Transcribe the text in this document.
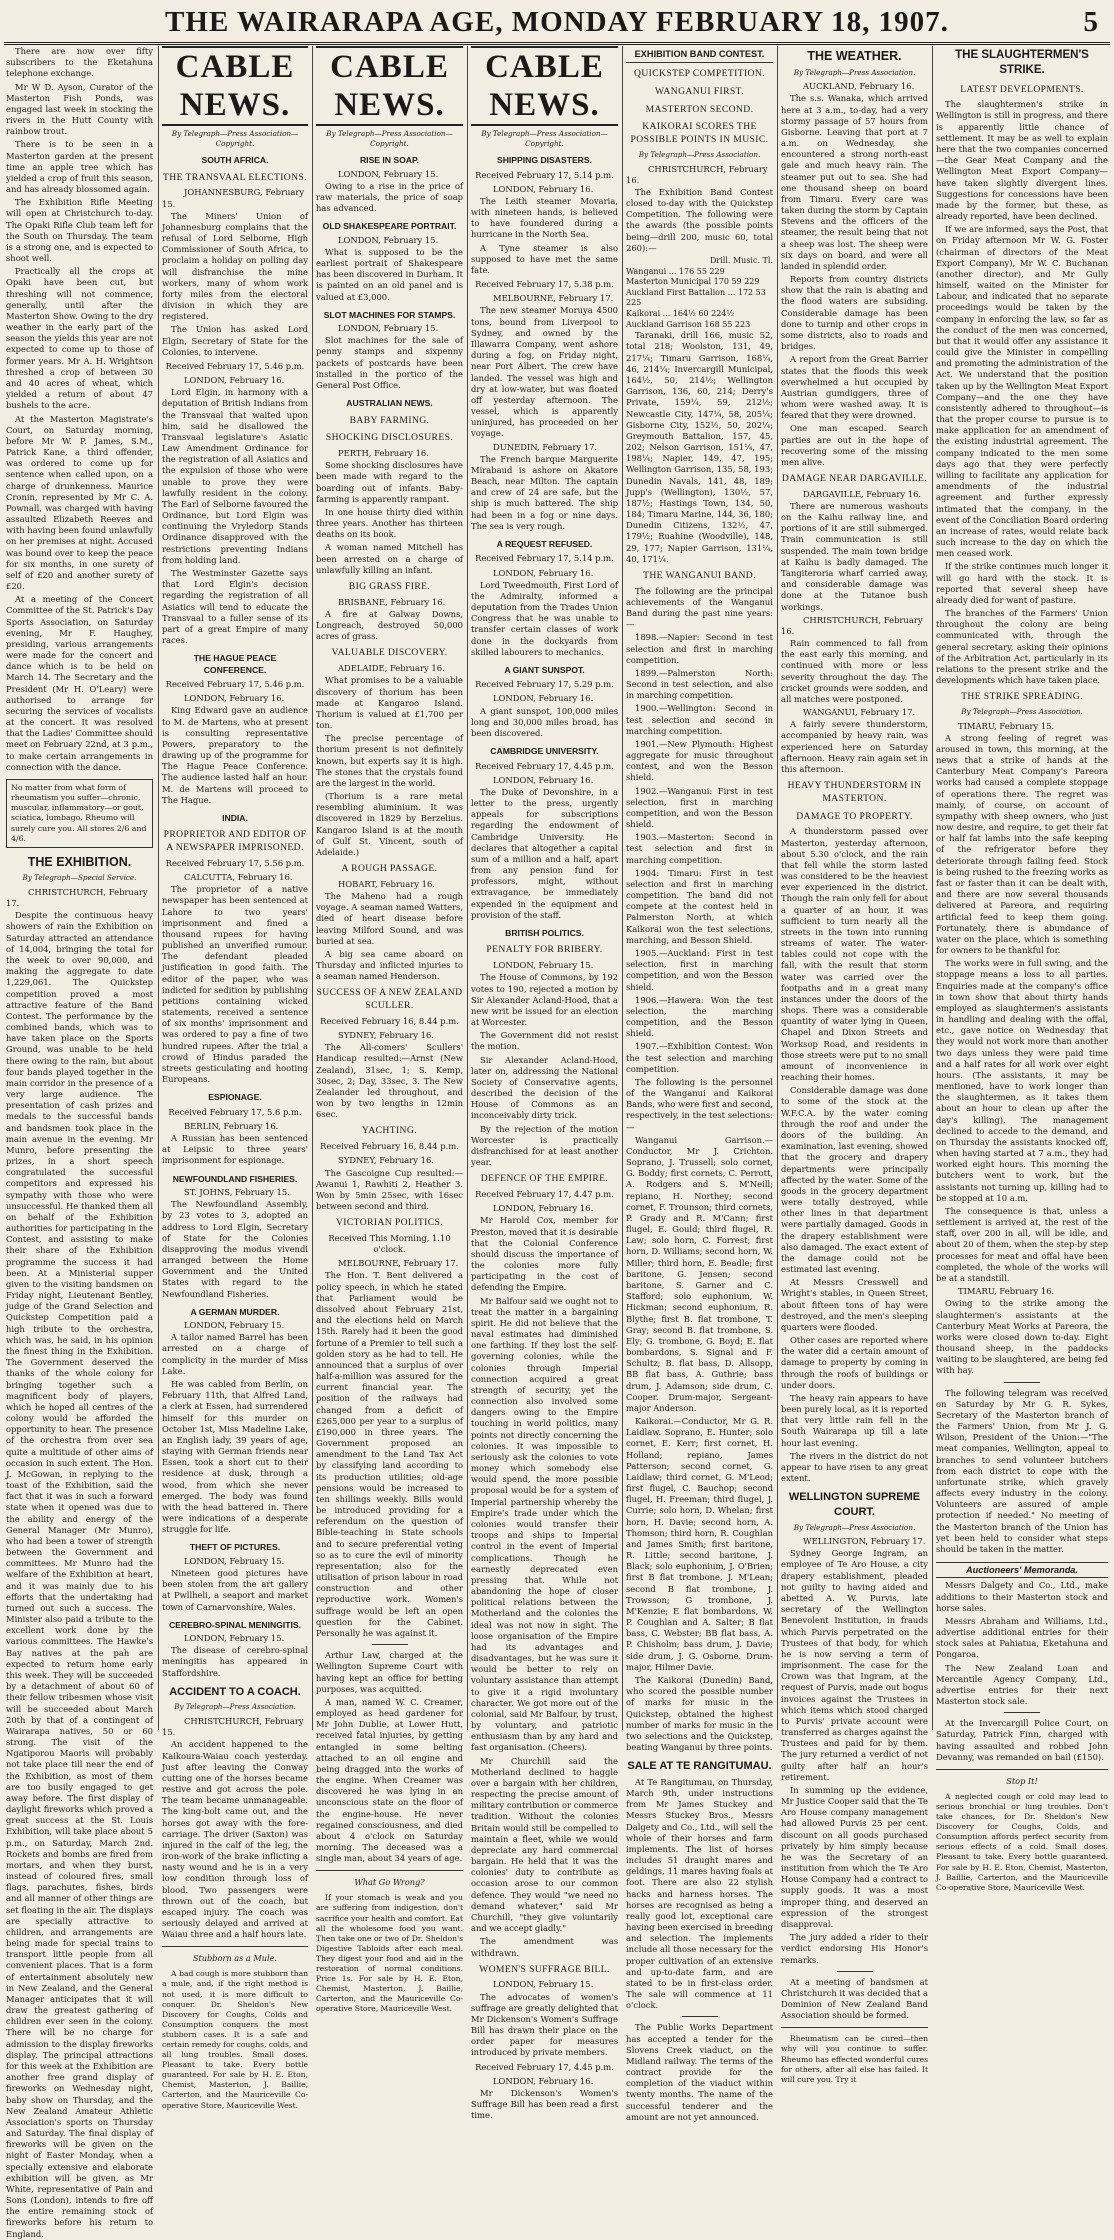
THE WAIRARAPA AGE, MONDAY FEBRUARY 18, 1907.	5

There are now over fifty subscribers to the Eketahuna telephone exchange.

Mr W D. Ayson, Curator of the Masterton Fish Ponds, was engaged last week in stocking the rivers in the Hutt County with rainbow trout.

There is to be seen in a Masterton garden at the present time an apple tree which has yielded a crop of fruit this season, and has already blossomed again.

The Exhibition Rifle Meeting will open at Christchurch to-day. The Opaki Rifle Club team left for the South on Thursday. The team is a strong one, and is expected to shoot well.

Practically all the crops at Opaki have been cut, but threshing will not commence, generally, until after the Masterton Show. Owing to the dry weather in the early part of the season the yields this year are not expected to come up to those of former years. Mr A. H. Wrightson threshed a crop of between 30 and 40 acres of wheat, which yielded a return of about 47 bushels to the acre.

At the Masterton Magistrate's Court, on Saturday morning, before Mr W. P. James, S.M., Patrick Kane, a third offender, was ordered to come up for sentence when called upon, on a charge of drunkenness. Maurice Cronin, represented by Mr C. A. Pownall, was charged with having assaulted Elizabeth Reeves and with having been found unlawfully on her premises at night. Accused was bound over to keep the peace for six months, in one surety of self of £20 and another surety of £20.

At a meeting of the Concert Committee of the St. Patrick's Day Sports Association, on Saturday evening, Mr F. Haughey, presiding, various arrangements were made for the concert and dance which is to be held on March 14. The Secretary and the President (Mr H. O'Leary) were authorised to arrange for securing the services of vocalists at the concert. It was resolved that the Ladies' Committee should meet on February 22nd, at 3 p.m., to make certain arrangements in connection with the dance.

No matter from what form of rheumatism you suffer—chronic, muscular, inflammatory—or gout, sciatica, lumbago, Rheumo will surely cure you. All stores 2/6 and 4/6.
THE EXHIBITION.
By Telegraph—Special Service.
CHRISTCHURCH, February 17.

Despite the continuous heavy showers of rain the Exhibition on Saturday attracted an attendance of 14,004, bringing the total for the week to over 90,000, and making the aggregate to date 1,229,061. The Quickstep competition proved a most attractive feature of the Band Contest. The performance by the combined bands, which was to have taken place on the Sports Ground, was unable to be held there owing to the rain, but about four bands played together in the main corridor in the presence of a very large audience. The presentation of cash prizes and medals to the successful bands and bandsmen took place in the main avenue in the evening. Mr Munro, before presenting the prizes, in a short speech congratulated the successful competitors and expressed his sympathy with those who were unsuccessful. He thanked them all on behalf of the Exhibition authorities for participating in the Contest, and assisting to make their share of the Exhibition programme the success it had been. At a Ministerial supper given to the visiting bandsmen on Friday night, Lieutenant Bentley, judge of the Grand Selection and Quickstep Competition paid a high tribute to the orchestra, which was, he said, in his opinion the finest thing in the Exhibition. The Government deserved the thanks of the whole colony for bringing together such a magnificent body of players, which he hoped all centres of the colony would be afforded the opportunity to hear. The presence of the orchestra from over sea quite a multitude of other aims of occasion in such extent. The Hon. J. McGowan, in replying to the toast of the Exhibition, said the fact that it was in such a forward state when it opened was due to the ability and energy of the General Manager (Mr Munro), who had been a tower of strength between the Government and committees. Mr Munro had the welfare of the Exhibition at heart, and it was mainly due to his efforts that the undertaking had turned out such a success. The Minister also paid a tribute to the excellent work done by the various committees. The Hawke's Bay natives at the pah are expected to return home early this week. They will be succeeded by a detachment of about 60 of their fellow tribesmen whose visit will be succeeded about March 20th by that of a contingent of Wairarapa natives, 50 or 60 strong. The visit of the Ngatiporou Maoris will probably not take place till near the end of the Exhibition, as most of them are too busily engaged to get away before. The first display of daylight fireworks which proved a great success at the St. Louis Exhibition, will take place about 5 p.m., on Saturday, March 2nd. Rockets and bombs are fired from mortars, and when they burst, instead of coloured fires, small flags, parachutes, fishes, birds and all manner of other things are set floating in the air. The displays are specially attractive to children, and arrangements are being made for special trains to transport little people from all convenient places. That is a form of entertainment absolutely new in New Zealand, and the General Manager anticipates that it will draw the greatest gathering of children ever seen in the colony. There will be no charge for admission to the display fireworks display. The principal attractions for this week at the Exhibition are another free grand display of fireworks on Wednesday night, baby show on Thursday, and the New Zealand Amateur Athletic Association's sports on Thursday and Saturday. The final display of fireworks will be given on the night of Easter Monday, when a specially extensive and elaborate exhibition will be given, as Mr White, representative of Pain and Sons (London), intends to fire off the entire remaining stock of fireworks before his return to England.

CABLE NEWS.
By Telegraph—Press Association—Copyright.
SOUTH AFRICA.
THE TRANSVAAL ELECTIONS.
JOHANNESBURG, February 15.

The Miners' Union of Johannesburg complains that the refusal of Lord Selborne, High Commissioner of South Africa, to proclaim a holiday on polling day will disfranchise the mine workers, many of whom work forty miles from the electoral division in which they are registered.

The Union has asked Lord Elgin, Secretary of State for the Colonies, to intervene.

Received February 17, 5.46 p.m.
LONDON, February 16.

Lord Elgin, in harmony with a deputation of British Indians from the Transvaal that waited upon him, said he disallowed the Transvaal legislature's Asiatic Law Amendment Ordinance for the registration of all Asiatics and the expulsion of those who were unable to prove they were lawfully resident in the colony. The Earl of Selborne favoured the Ordinance, but Lord Elgin was continuing the Vryledorp Stands Ordinance disapproved with the restrictions preventing Indians from holding land.

The Westminster Gazette says that Lord Elgin's decision regarding the registration of all Asiatics will tend to educate the Transvaal to a fuller sense of its part of a great Empire of many races.

THE HAGUE PEACE CONFERENCE.
Received February 17, 5.46 p.m.
LONDON, February 16.

King Edward gave an audience to M. de Martens, who at present is consulting representative Powers, preparatory to the drawing up of the programme for The Hague Peace Conference. The audience lasted half an hour. M. de Martens will proceed to The Hague.

INDIA.
PROPRIETOR AND EDITOR OF A NEWSPAPER IMPRISONED.
Received February 17, 5.56 p.m.
CALCUTTA, February 16.

The proprietor of a native newspaper has been sentenced at Lahore to two years' imprisonment and fined a thousand rupees for having published an unverified rumour. The defendant pleaded justification in good faith. The editor of the paper, who was indicted for sedition by publishing petitions containing wicked statements, received a sentence of six months' imprisonment and was ordered to pay a fine of two hundred rupees. After the trial a crowd of Hindus paraded the streets gesticulating and hooting Europeans.

ESPIONAGE.
Received February 17, 5.6 p.m.
BERLIN, February 16.

A Russian has been sentenced at Leipsic to three years' imprisonment for espionage.

NEWFOUNDLAND FISHERIES.
ST. JOHNS, February 15.

The Newfoundland Assembly, by 23 votes to 3, adopted an address to Lord Elgin, Secretary of State for the Colonies disapproving the modus vivendi arranged between the Home Government and the United States with regard to the Newfoundland Fisheries.

A GERMAN MURDER.
LONDON, February 15.

A tailor named Barrel has been arrested on a charge of complicity in the murder of Miss Lake.

He was cabled from Berlin, on February 11th, that Alfred Land, a clerk at Essen, had surrendered himself for this murder on October 1st, Miss Madeline Lake, an English lady, 39 years of age, staying with German friends near Essen, took a short cut to their residence at dusk, through a wood, from which she never emerged. The body was found with the head battered in. There were indications of a desperate struggle for life.

THEFT OF PICTURES.
LONDON, February 15.

Nineteen good pictures have been stolen from the art gallery at Pwllheli, a seaport and market town of Carnarvonshire, Wales.

CEREBRO-SPINAL MENINGITIS.
LONDON, February 15.

The disease of cerebro-spinal meningitis has appeared in Staffordshire.

ACCIDENT TO A COACH.
By Telegraph—Press Association.
CHRISTCHURCH, February 15.

An accident happened to the Kaikoura-Waiau coach yesterday. Just after leaving the Conway cutting one of the horses became restive and got across the pole. The team became unmanageable. The king-bolt came out, and the horses got away with the fore-carriage. The driver (Saxton) was injured in the calf of the leg, the iron-work of the brake inflicting a nasty wound and he is in a very low condition through loss of blood. Two passengers were thrown out of the coach, but escaped injury. The coach was seriously delayed and arrived at Waiau three and a half hours late.

Stubborn as a Mule.

A bad cough is more stubborn than a mule, and, if the right method is not used, it is more difficult to conquer. Dr. Sheldon's New Discovery for Coughs, Colds and Consumption conquers the most stubborn cases. It is a safe and certain remedy for coughs, colds, and all lung troubles. Small doses. Pleasant to take. Every bottle guaranteed. For sale by H. E. Eton, Chemist, Masterton, J. Baillie, Carterton, and the Mauriceville Co-operative Store, Mauriceville West.

CABLE NEWS.
By Telegraph—Press Association—Copyright.
RISE IN SOAP.
LONDON, February 15.

Owing to a rise in the price of raw materials, the price of soap has advanced.

OLD SHAKESPEARE PORTRAIT.
LONDON, February 15.

What is supposed to be the earliest portrait of Shakespeare has been discovered in Durham. It is painted on an old panel and is valued at £3,000.

SLOT MACHINES FOR STAMPS.
LONDON, February 15.

Slot machines for the sale of penny stamps and sixpenny packets of postcards have been installed in the portico of the General Post Office.

AUSTRALIAN NEWS.
BABY FARMING.
SHOCKING DISCLOSURES.
PERTH, February 16.

Some shocking disclosures have been made with regard to the boarding out of infants. Baby-farming is apparently rampant.

In one house thirty died within three years. Another has thirteen deaths on its book.

A woman named Mitchell has been arrested on a charge of unlawfully killing an infant.

BIG GRASS FIRE.
BRISBANE, February 16.

A fire at Galway Downs, Longreach, destroyed 50,000 acres of grass.

VALUABLE DISCOVERY.
ADELAIDE, February 16.

What promises to be a valuable discovery of thorium has been made at Kangaroo Island. Thorium is valued at £1,700 per ton.

The precise percentage of thorium present is not definitely known, but experts say it is high. The stones that the crystals found are the largest in the world.

(Thorium is a rare metal resembling aluminium. It was discovered in 1829 by Berzelius. Kangaroo Island is at the mouth of Gulf St. Vincent, south of Adelaide.)

A ROUGH PASSAGE.
HOBART, February 16.

The Maheno had a rough voyage. A seaman named Watters, died of heart disease before leaving Milford Sound, and was buried at sea.

A big sea came aboard on Thursday and inflicted injuries to a seaman named Henderson.

SUCCESS OF A NEW ZEALAND SCULLER.
Received February 16, 8.44 p.m.
SYDNEY, February 16.

The All-comers' Scullers' Handicap resulted:—Arnst (New Zealand), 31sec, 1; S. Kemp, 30sec, 2; Day, 33sec, 3. The New Zealander led throughout, and won by two lengths in 12min 6sec.

YACHTING.
Received February 16, 8.44 p.m.
SYDNEY, February 16.

The Gascoigne Cup resulted:—Awanui 1, Rawhiti 2, Heather 3. Won by 5min 25sec, with 16sec between second and third.

VICTORIAN POLITICS.
Received This Morning, 1.10 o'clock.
MELBOURNE, February 17.

The Hon. T. Bent delivered a policy speech, in which he stated that Parliament would be dissolved about February 21st, and the elections held on March 15th. Rarely had it been the good fortune of a Premier to tell such a golden story as he had to tell. He announced that a surplus of over half-a-million was assured for the current financial year. The position of the railways had changed from a deficit of £265,000 per year to a surplus of £190,000 in three years. The Government proposed an amendment to the Land Tax Act by classifying land according to its production utilities; old-age pensions would be increased to ten shillings weekly. Bills would be introduced providing for a referendum on the question of Bible-teaching in State schools and to secure preferential voting so as to cure the evil of minority representation; also for the utilisation of prison labour in road construction and other reproductive work. Women's suffrage would be left an open question for the Cabinet. Personally he was against it.

Arthur Law, charged at the Wellington Supreme Court with having kept an office for betting purposes, was acquitted.

A man, named W. C. Creamer, employed as head gardener for Mr John Dublie, at Lower Hutt, received fatal injuries, by getting entangled in some belting attached to an oil engine and being dragged into the works of the engine. When Creamer was discovered he was lying in an unconscious state on the floor of the engine-house. He never regained consciousness, and died about 4 o'clock on Saturday morning. The deceased was a single man, about 34 years of age.

What Go Wrong?

If your stomach is weak and you are suffering from indigestion, don't sacrifice your health and comfort. Eat all the wholesome food you want. Then take one or two of Dr. Sheldon's Digestive Tabloids after each meal. They digest your food and aid in the restoration of normal conditions. Price 1s. For sale by H. E. Eton, Chemist, Masterton, J. Baillie, Carterton, and the Mauriceville Co-operative Store, Mauriceville West.

CABLE NEWS.
By Telegraph—Press Association—Copyright.
SHIPPING DISASTERS.
Received February 17, 5.14 p.m.
LONDON, February 16.

The Leith steamer Movaria, with nineteen hands, is believed to have foundered during a hurricane in the North Sea.

A Tyne steamer is also supposed to have met the same fate.

Received February 17, 5.38 p.m.
MELBOURNE, February 17.

The new steamer Moruya 4500 tons, bound from Liverpool to Sydney, and owned by the Illawarra Company, went ashore during a fog, on Friday night, near Port Albert. The crew have landed. The vessel was high and dry at low-water, but was floated off yesterday afternoon. The vessel, which is apparently uninjured, has proceeded on her voyage.

DUNEDIN, February 17.

The French barque Marguerite Mirabaud is ashore on Akatore Beach, near Milton. The captain and crew of 24 are safe, but the ship is much battered. The ship had been in a fog or nine days. The sea is very rough.

A REQUEST REFUSED.
Received February 17, 5.14 p.m.
LONDON, February 16.

Lord Tweedmouth, First Lord of the Admiralty, informed a deputation from the Trades Union Congress that he was unable to transfer certain classes of work done in the dockyards from skilled labourers to mechanics.

A GIANT SUNSPOT.
Received February 17, 5.29 p.m.
LONDON, February 16.

A giant sunspot, 100,000 miles long and 30,000 miles broad, has been discovered.

CAMBRIDGE UNIVERSITY.
Received February 17, 4.45 p.m.
LONDON, February 16.

The Duke of Devonshire, in a letter to the press, urgently appeals for subscriptions regarding the endowment of Cambridge University. He declares that altogether a capital sum of a million and a half, apart from any pension fund for professors, might, without extravagance, be immediately expended in the equipment and provision of the staff.

BRITISH POLITICS.
PENALTY FOR BRIBERY.
LONDON, February 15.

The House of Commons, by 192 votes to 190, rejected a motion by Sir Alexander Acland-Hood, that a new writ be issued for an election at Worcester.

The Government did not resist the motion.

Sir Alexander Acland-Hood, later on, addressing the National Society of Conservative agents, described the decision of the House of Commons as an inconceivably dirty trick.

By the rejection of the motion Worcester is practically disfranchised for at least another year.

DEFENCE OF THE EMPIRE.
Received February 17, 4.47 p.m.
LONDON, February 16.

Mr Harold Cox, member for Preston, moved that it is desirable that the Colonial Conference should discuss the importance of the colonies more fully participating in the cost of defending the Empire.

Mr Balfour said we ought not to treat the matter in a bargaining spirit. He did not believe that the naval estimates had diminished one farthing. If they lost the self-governing colonies, while the colonies through Imperial connection acquired a great strength of security, yet the connection also involved some dangers owing to the Empire touching in world politics, many points not directly concerning the colonies. It was impossible to seriously ask the colonies to vote money which somebody else would spend, the more possible proposal would be for a system of Imperial partnership whereby the Empire's trade under which the colonies would transfer their troops and ships to Imperial control in the event of Imperial complications. Though he earnestly deprecated even pressing that. While not abandoning the hope of closer political relations between the Motherland and the colonies the ideal was not now in sight. The loose organisation of the Empire had its advantages and disadvantages, but he was sure it would be better to rely on voluntary assistance than attempt to give it a rigid involuntary character. We got more out of the colonial, said Mr Balfour, by trust, by voluntary, and patriotic enthusiasm than by any hard and fast organisation. (Cheers).

Mr Churchill said the Motherland declined to haggle over a bargain with her children, respecting the precise amount of military contribution or commerce tradition. Without the colonies Britain would still be compelled to maintain a fleet, while we would depreciate any hard commercial bargain. He held that it was the colonies' duty to contribute as occasion arose to our common defence. They would "we need no demand whatever," said Mr Churchill, "they give voluntarily and we accept gladly."

The amendment was withdrawn.

WOMEN'S SUFFRAGE BILL.
LONDON, February 15.

The advocates of women's suffrage are greatly delighted that Mr Dickenson's Women's Suffrage Bill has drawn their place on the order paper for measures introduced by private members.

Received February 17, 4.45 p.m.
LONDON, February 16.

Mr Dickenson's Women's Suffrage Bill has been read a first time.

EXHIBITION BAND CONTEST.
QUICKSTEP COMPETITION.
WANGANUI FIRST.
MASTERTON SECOND.
KAIKORAI SCORES THE POSSIBLE POINTS IN MUSIC.
By Telegraph—Press Association.
CHRISTCHURCH, February 16.

The Exhibition Band Contest closed to-day with the Quickstep Competition. The following were the awards (the possible points being—drill 200, music 60, total 260):—

Drill. Music. Tl.
Wanganui ... 176 55 229
Masterton Municipal 170 59 229
Auckland First Battalion ... 172 53 225
Kaikorai ... 164½ 60 224½
Auckland Garrison 168 55 223

Taranaki, drill 166, music 52, total 218; Woolston, 131, 49, 217¼; Timaru Garrison, 168¼, 46, 214¼; Invercargill Municipal, 164½, 50, 214½; Wellington Garrison, 136, 60, 214; Derry's Private, 159¼, 59, 212½; Newcastle City, 147¼, 58, 205¼; Gisborne City, 152½, 50, 202¼; Greymouth Battalion, 157, 45, 202; Nelson Garrison, 151¼, 47, 198¼; Napier, 149, 47, 195; Wellington Garrison, 135, 58, 193; Dunedin Navals, 141, 48, 189; Jupp's (Wellington), 130½, 57, 187½; Hastings Town, 134, 50, 184; Timaru Marine, 144, 36, 180; Dunedin Citizens, 132½, 47, 179½; Ruahine (Woodville), 148, 29, 177; Napier Garrison, 131¼, 40, 171¼.

THE WANGANUI BAND.

The following are the principal achievements of the Wanganui Band during the past nine years:—

1898.—Napier: Second in test selection and first in marching competition.

1899.—Palmerston North: Second in test selection, and also in marching competition.

1900.—Wellington: Second in test selection and second in marching competition.

1901.—New Plymouth: Highest aggregate for music throughout contest, and won the Besson shield.

1902.—Wanganui: First in test selection, first in marching competition, and won the Besson shield.

1903.—Masterton: Second in test selection and first in marching competition.

1904: Timaru: First in test selection and first in marching competition. The band did not compete at the contest held in Palmerston North, at which Kaikorai won the test selections, marching, and Besson Shield.

1905.—Auckland: First in test selection, first in marching competition, and won the Besson shield.

1906.—Hawera: Won the test selection, the marching competition, and the Besson shield.

1907.—Exhibition Contest: Won the test selection and marching competition.

The following is the personnel of the Wanganui and Kaikorai Bands, who were first and second, respectively, in the test selections:—

Wanganui Garrison.—Conductor, Mr J. Crichton. Soprano, J. Trussell; solo cornet, G. Boddy; first cornets, C. Perrott, A. Rodgers and S. M'Neill; repiano, H. Northey; second cornet, F. Trounson; third cornets, P. Grady and R. M'Cann; first flugel, E. Gould; third flugel, R. Law; solo horn, C. Forrest; first horn, D. Williams; second horn, W. Miller; third horn, E. Beadle; first baritone, G. Jensen; second baritone, S. Garner and C. Stafford; solo euphonium, W. Hickman; second euphonium, R. Blythe; first B. flat trombone, T. Gray; second B. flat trombone, S. Ely; G. trombone, G. Boyd; E. flat bombardons, S. Signal and F. Schultz; B. flat bass, D. Allsopp, BB flat bass, A. Guthrie; bass drum, J. Adamson; side drum, C. Cooper. Drum-major, Sergeant-major Anderson.

Kaikorai.—Conductor, Mr G. R. Laidlaw. Soprano, E. Hunter; solo cornet, E. Kerr; first cornet, H. Holland; repiano, James Patterson; second cornet, G. Laidlaw; third cornet, G. M'Leod; first flugel, C. Bauchop; second flugel, H. Freeman; third flugel, J. Currie; solo horn, D. Whelan; first horn, H. Davie; second horn, A. Thomson; third horn, R. Coughlan and James Smith; first baritone, R. Little; second baritone, J. Black; solo euphonium, J. O'Brien; first B flat trombone, J. M'Lean; second B flat trombone, J. Trowsson; G trombone, J. M'Kenzie; E flat bombardons, W. P. Coughlan and A. Salter; B flat bass, C. Webster; BB flat bass, A. P. Chisholm; bass drum, J. Davie; side drum, J. G. Osborne. Drum-major, Hilmer Davie.

The Kaikorai (Dunedin) Band, who scored the possible number of marks for music in the Quickstep, obtained the highest number of marks for music in the two selections and the Quickstep, beating Wanganui by three points.

SALE AT TE RANGITUMAU.

At Te Rangitumau, on Thursday, March 9th, under instructions from Mr James Stuckey and Messrs Stuckey Bros., Messrs Dalgety and Co., Ltd., will sell the whole of their horses and farm implements. The list of horses includes 51 draught mares and geldings, 11 mares having foals at foot. There are also 22 stylish hacks and harness horses. The horses are recognised as being a really good lot, exceptional care having been exercised in breeding and selection. The implements include all those necessary for the proper cultivation of an extensive and up-to-date farm, and are stated to be in first-class order. The sale will commence at 11 o'clock.

The Public Works Department has accepted a tender for the Slovens Creek viaduct, on the Midland railway. The terms of the contract provide for the completion of the viaduct within twenty months. The name of the successful tenderer and the amount are not yet announced.

THE WEATHER.
By Telegraph—Press Association.
AUCKLAND, February 16.

The s.s. Wanaka, which arrived here at 3 a.m., to-day, had a very stormy passage of 57 hours from Gisborne. Leaving that port at 7 a.m. on Wednesday, she encountered a strong north-east gale and much heavy rain. The steamer put out to sea. She had one thousand sheep on board from Timaru. Every care was taken during the storm by Captain Stevens and the officers of the steamer, the result being that not a sheep was lost. The sheep were six days on board, and were all landed in splendid order.

Reports from country districts show that the rain is abating and the flood waters are subsiding. Considerable damage has been done to turnip and other crops in some districts, also to roads and bridges.

A report from the Great Barrier states that the floods this week overwhelmed a hut occupied by Austrian gumdiggers, three of whom were washed away. It is feared that they were drowned.

One man escaped. Search parties are out in the hope of recovering some of the missing men alive.

DAMAGE NEAR DARGAVILLE.
DARGAVILLE, February 16.

There are numerous washouts on the Kaihu railway line, and portions of it are still submerged. Train communication is still suspended. The main town bridge at Kaihu is badly damaged. The Tangiteroria wharf carried away, and considerable damage was done at the Tutanoe bush workings.

CHRISTCHURCH, February 16.

Rain commenced to fall from the east early this morning, and continued with more or less severity throughout the day. The cricket grounds were sodden, and all matches were postponed.

WANGANUI, February 17.

A fairly severe thunderstorm, accompanied by heavy rain, was experienced here on Saturday afternoon. Heavy rain again set in this afternoon.

HEAVY THUNDERSTORM IN MASTERTON.
DAMAGE TO PROPERTY.

A thunderstorm passed over Masterton, yesterday afternoon, about 5.30 o'clock, and the rain that fell while the storm lasted was considered to be the heaviest ever experienced in the district. Though the rain only fell for about a quarter of an hour, it was sufficient to turn nearly all the streets in the town into running streams of water. The water-tables could not cope with the fall, with the result that storm water was carried over the footpaths and in a great many instances under the doors of the shops. There was a considerable quantity of water lying in Queen, Chapel and Dixon Streets and Worksop Road, and residents in those streets were put to no small amount of inconvenience in reaching their homes.

Considerable damage was done to some of the stock at the W.F.C.A. by the water coming through the roof and under the doors of the building. An examination, last evening, showed that the grocery and drapery departments were principally affected by the water. Some of the goods in the grocery department were totally destroyed, while other lines in that department were partially damaged. Goods in the drapery establishment were also damaged. The exact extent of the damage could not be estimated last evening.

At Messrs Cresswell and Wright's stables, in Queen Street, about fifteen tons of hay were destroyed, and the men's sleeping quarters were flooded.

Other cases are reported where the water did a certain amount of damage to property by coming in through the roofs of buildings or under doors.

The heavy rain appears to have been purely local, as it is reported that very little rain fell in the South Wairarapa up till a late hour last evening.

The rivers in the district do not appear to have risen to any great extent.

WELLINGTON SUPREME COURT.
By Telegraph—Press Association.
WELLINGTON, February 17.

Sydney George Ingram, an employee of Te Aro House, a city drapery establishment, pleaded not guilty to having aided and abetted A. W. Purvis, late secretary of the Wellington Benevolent Institution, in frauds which Purvis perpetrated on the Trustees of that body, for which he is now serving a term of imprisonment. The case for the Crown was that Ingram, at the request of Purvis, made out bogus invoices against the Trustees in which items which stood charged to Purvis' private account were transferred as charges against the Trustees and paid for by them. The jury returned a verdict of not guilty after half an hour's retirement.

In summing up the evidence, Mr Justice Cooper said that the Te Aro House company management had allowed Purvis 25 per cent. discount on all goods purchased privately by him simply because he was the Secretary of an institution from which the Te Aro House Company had a contract to supply goods. It was a most improper thing, and deserved an expression of the strongest disapproval.

The jury added a rider to their verdict endorsing His Honor's remarks.

At a meeting of bandsmen at Christchurch it was decided that a Dominion of New Zealand Band Association should be formed.

Rheumatism can be cured—then why will you continue to suffer. Rheumo has effected wonderful cures for others, after all else has failed. It will cure you. Try it

THE SLAUGHTERMEN'S STRIKE.
LATEST DEVELOPMENTS.

The slaughtermen's strike in Wellington is still in progress, and there is apparently little chance of settlement. It may be as well to explain here that the two companies concerned—the Gear Meat Company and the Wellington Meat Export Company—have taken slightly divergent lines. Suggestions for concessions have been made by the former, but these, as already reported, have been declined.

If we are informed, says the Post, that on Friday afternoon Mr W. G. Foster (chairman of directors of the Meat Export Company), Mr W. C. Buchanan (another director), and Mr Gully himself, waited on the Minister for Labour, and indicated that no separate proceedings would be taken by the company in enforcing the law, so far as the conduct of the men was concerned, but that it would offer any assistance it could give the Minister in compelling and promoting the administration of the Act. We understand that the position taken up by the Wellington Meat Export Company—and the one they have consistently adhered to throughout—is that the proper course to pursue is to make application for an amendment of the existing industrial agreement. The company indicated to the men some days ago that they were perfectly willing to facilitate any application for amendments of the industrial agreement and further expressly intimated that the company, in the event of the Conciliation Board ordering an increase of rates, would relate back such increase to the day on which the men ceased work.

If the strike continues much longer it will go hard with the stock. It is reported that several sheep have already died for want of pasture.

The branches of the Farmers' Union throughout the colony are being communicated with, through the general secretary, asking their opinions of the Arbitration Act, particularly in its relations to the present strike and the developments which have taken place.

THE STRIKE SPREADING.
By Telegraph—Press Association.
TIMARU, February 15.

A strong feeling of regret was aroused in town, this morning, at the news that a strike of hands at the Canterbury Meat Company's Pareora works had caused a complete stoppage of operations there. The regret was mainly, of course, on account of sympathy with sheep owners, who just now desire, and require, to get their fat or half fat lambs into the safe keeping of the refrigerator before they deteriorate through failing feed. Stock is being rushed to the freezing works as fast or faster than it can be dealt with, and there are now several thousands delivered at Pareora, and requiring artificial feed to keep them going. Fortunately, there is abundance of water on the place, which is something for owners to be thankful for.

The works were in full swing, and the stoppage means a loss to all parties. Enquiries made at the company's office in town show that about thirty hands employed as slaughtermen's assistants in handling and dealing with the offal, etc., gave notice on Wednesday that they would not work more than another two days unless they were paid time and a half rates for all work over eight hours. (The assistants, it may be mentioned, have to work longer than the slaughtermen, as it takes them about an hour to clean up after the day's killing). The management declined to accede to the demand, and on Thursday the assistants knocked off, when having started at 7 a.m., they had worked eight hours. This morning the butchers went to work, but the assistants not turning up, killing had to be stopped at 10 a.m.

The consequence is that, unless a settlement is arrived at, the rest of the staff, over 200 in all, will be idle, and about 20 of them, when the step-by step processes for meat and offal have been completed, the whole of the works will be at a standstill.

TIMARU, February 16.

Owing to the strike among the slaughtermen's assistants at the Canterbury Meat Works at Pareora, the works were closed down to-day. Eight thousand sheep, in the paddocks waiting to be slaughtered, are being fed with hay.

The following telegram was received on Saturday by Mr G. R. Sykes, Secretary of the Masterton branch of the Farmers' Union, from Mr J. G. Wilson, President of the Union:—"The meat companies, Wellington, appeal to branches to send volunteer butchers from each district to cope with the unfortunate strike, which gravely affects every industry in the colony. Volunteers are assured of ample protection if needed." No meeting of the Masterton branch of the Union has yet been held to consider what steps should be taken in the matter.

Auctioneers' Memoranda.

Messrs Dalgety and Co., Ltd., make additions to their Masterton stock and horse sales.

Messrs Abraham and Williams, Ltd., advertise additional entries for their stock sales at Pahiatua, Eketahuna and Pongaroa.

The New Zealand Loan and Mercantile Agency Company, Ltd., advertise entries for their next Masterton stock sale.

At the Invercargill Police Court, on Saturday, Patrick Finn, charged with having assaulted and robbed John Devanny, was remanded on bail (£150).

Stop It!

A neglected cough or cold may lead to serious bronchial or lung troubles. Don't take chances, for Dr. Sheldon's New Discovery for Coughs, Colds, and Consumption affords perfect security from serious effects of a cold. Small doses. Pleasant to take. Every bottle guaranteed. For sale by H. E. Eton, Chemist, Masterton, J. Baillie, Carterton, and the Mauriceville Co-operative Store, Mauriceville West.
